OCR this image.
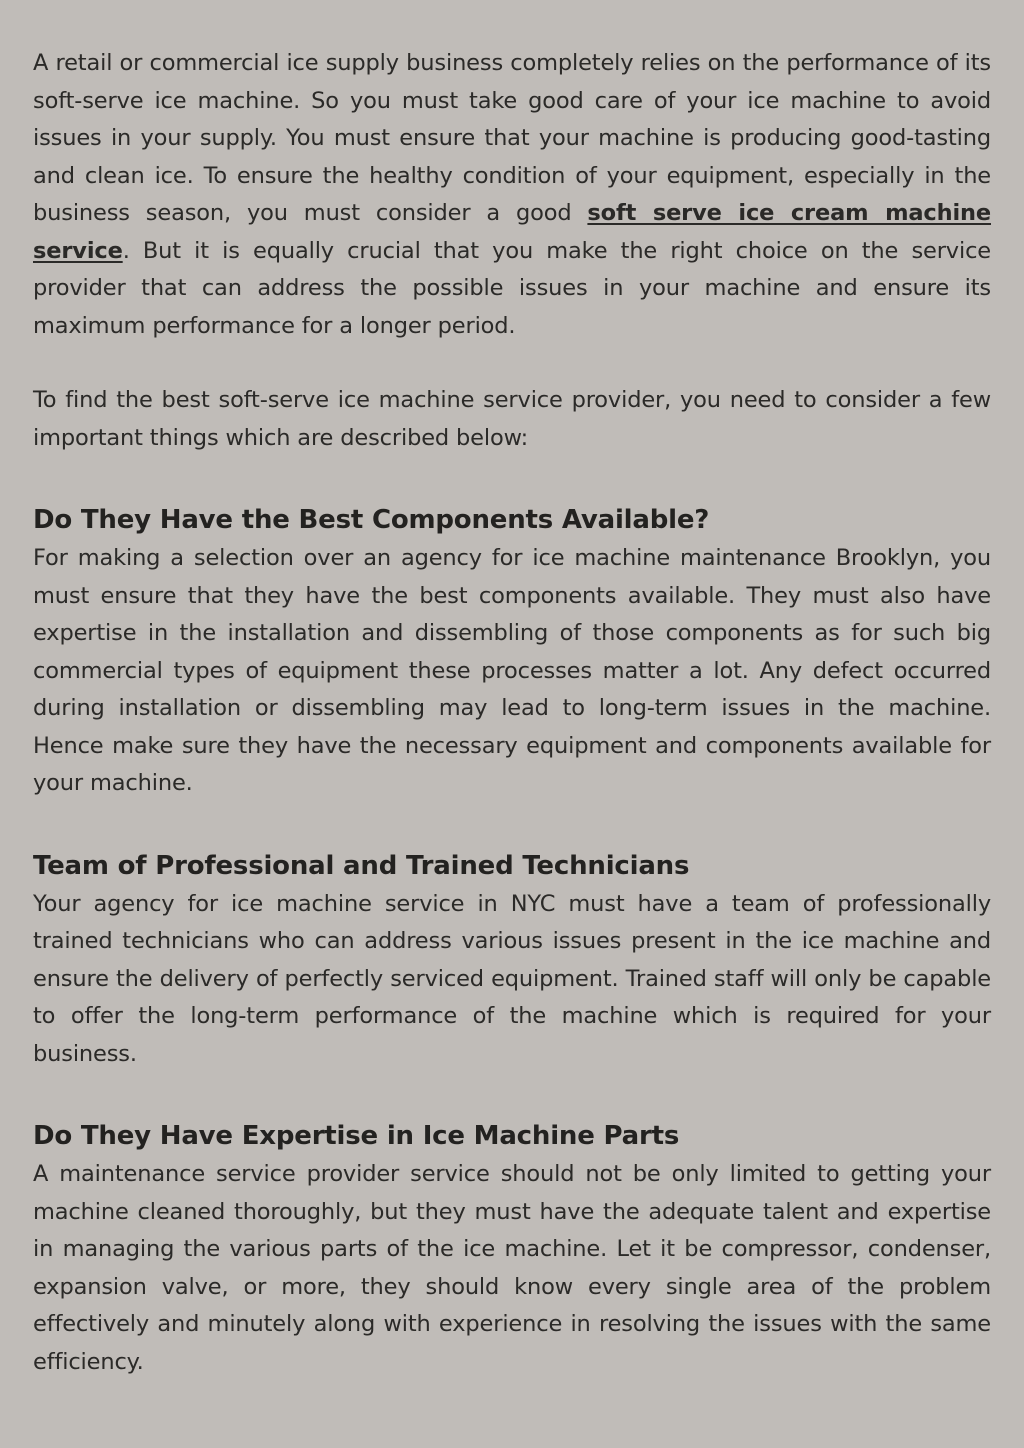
A retail or commercial ice supply business completely relies on the performance of its soft-serve ice machine. So you must take good care of your ice machine to avoid issues in your supply. You must ensure that your machine is producing good-tasting and clean ice. To ensure the healthy condition of your equipment, especially in the business season, you must consider a good soft serve ice cream machine service. But it is equally crucial that you make the right choice on the service provider that can address the possible issues in your machine and ensure its maximum performance for a longer period.

To find the best soft-serve ice machine service provider, you need to consider a few important things which are described below:

Do They Have the Best Components Available?

For making a selection over an agency for ice machine maintenance Brooklyn, you must ensure that they have the best components available. They must also have expertise in the installation and dissembling of those components as for such big commercial types of equipment these processes matter a lot. Any defect occurred during installation or dissembling may lead to long-term issues in the machine. Hence make sure they have the necessary equipment and components available for your machine.

Team of Professional and Trained Technicians

Your agency for ice machine service in NYC must have a team of professionally trained technicians who can address various issues present in the ice machine and ensure the delivery of perfectly serviced equipment. Trained staff will only be capable to offer the long-term performance of the machine which is required for your business.

Do They Have Expertise in Ice Machine Parts

A maintenance service provider service should not be only limited to getting your machine cleaned thoroughly, but they must have the adequate talent and expertise in managing the various parts of the ice machine. Let it be compressor, condenser, expansion valve, or more, they should know every single area of the problem effectively and minutely along with experience in resolving the issues with the same efficiency.
